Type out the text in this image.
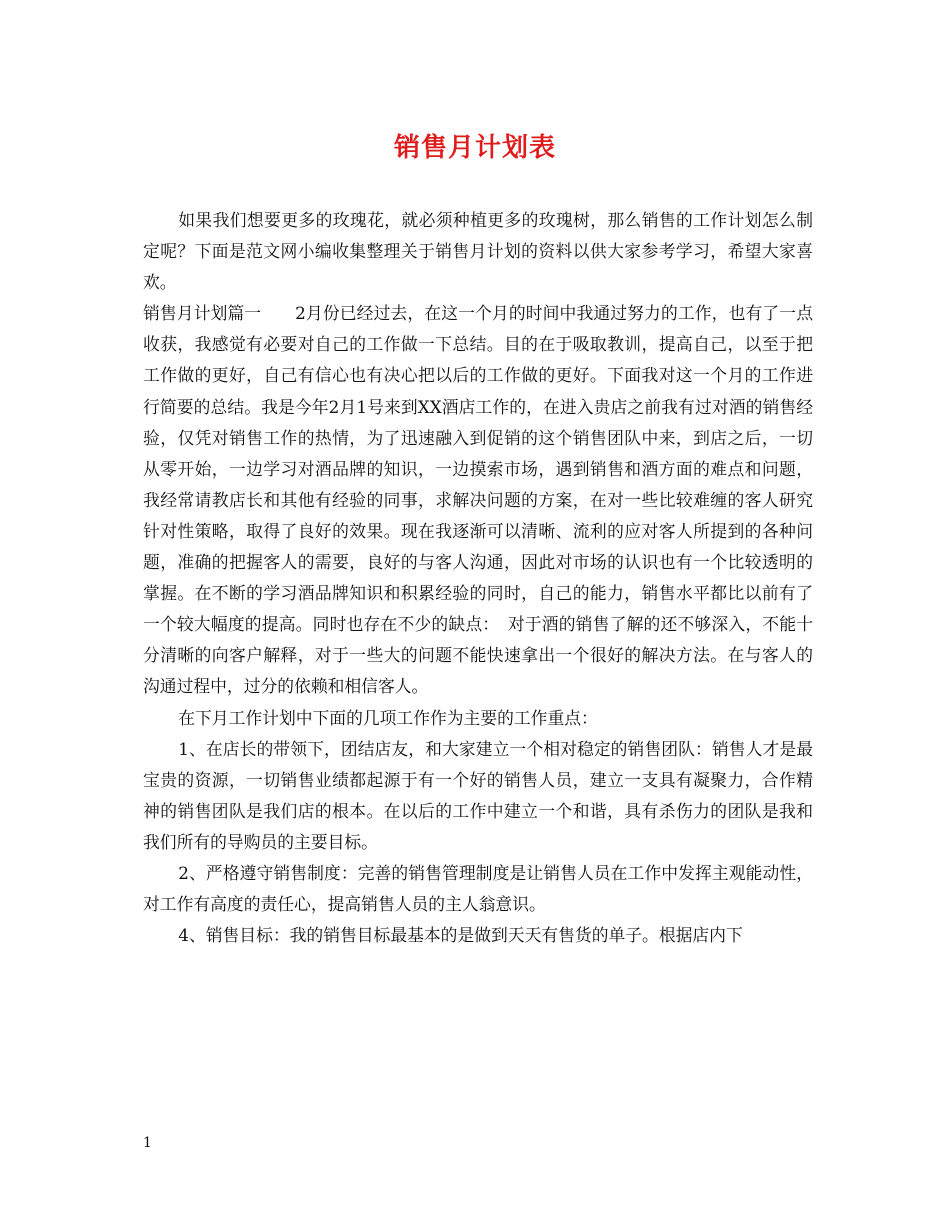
销售月计划表

如果我们想要更多的玫瑰花，就必须种植更多的玫瑰树，那么销售的工作计划怎么制定呢？下面是范文网小编收集整理关于销售月计划的资料以供大家参考学习，希望大家喜欢。

销售月计划篇一　　2月份已经过去，在这一个月的时间中我通过努力的工作，也有了一点收获，我感觉有必要对自己的工作做一下总结。目的在于吸取教训，提高自己，以至于把工作做的更好，自己有信心也有决心把以后的工作做的更好。下面我对这一个月的工作进行简要的总结。我是今年2月1号来到XX酒店工作的，在进入贵店之前我有过对酒的销售经验，仅凭对销售工作的热情，为了迅速融入到促销的这个销售团队中来，到店之后，一切从零开始，一边学习对酒品牌的知识，一边摸索市场，遇到销售和酒方面的难点和问题，我经常请教店长和其他有经验的同事，求解决问题的方案，在对一些比较难缠的客人研究针对性策略，取得了良好的效果。现在我逐渐可以清晰、流利的应对客人所提到的各种问题，准确的把握客人的需要，良好的与客人沟通，因此对市场的认识也有一个比较透明的掌握。在不断的学习酒品牌知识和积累经验的同时，自己的能力，销售水平都比以前有了一个较大幅度的提高。同时也存在不少的缺点：　对于酒的销售了解的还不够深入，不能十分清晰的向客户解释，对于一些大的问题不能快速拿出一个很好的解决方法。在与客人的沟通过程中，过分的依赖和相信客人。

在下月工作计划中下面的几项工作作为主要的工作重点：

1、在店长的带领下，团结店友，和大家建立一个相对稳定的销售团队：销售人才是最宝贵的资源，一切销售业绩都起源于有一个好的销售人员，建立一支具有凝聚力，合作精神的销售团队是我们店的根本。在以后的工作中建立一个和谐，具有杀伤力的团队是我和我们所有的导购员的主要目标。

2、严格遵守销售制度：完善的销售管理制度是让销售人员在工作中发挥主观能动性，对工作有高度的责任心，提高销售人员的主人翁意识。

4、销售目标：我的销售目标最基本的是做到天天有售货的单子。根据店内下

1
